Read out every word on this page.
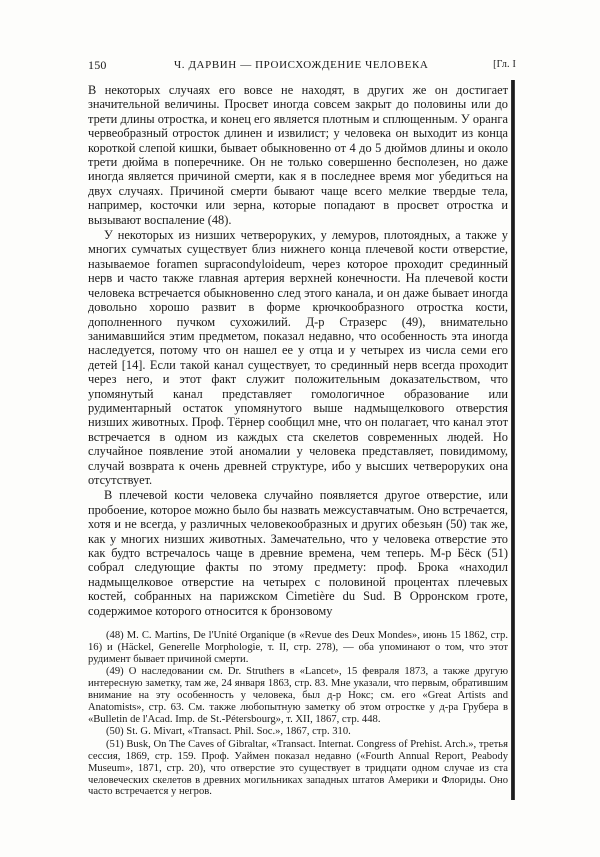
150	Ч. ДАРВИН — ПРОИСХОЖДЕНИЕ ЧЕЛОВЕКА	[Гл. I

В некоторых случаях его вовсе не находят, в других же он достигает значительной величины. Просвет иногда совсем закрыт до половины или до трети длины отростка, и конец его является плотным и сплющенным. У оранга червеобразный отросток длинен и извилист; у человека он выходит из конца короткой слепой кишки, бывает обыкновенно от 4 до 5 дюймов длины и около трети дюйма в поперечнике. Он не только совершенно бесполезен, но даже иногда является причиной смерти, как я в последнее время мог убедиться на двух случаях. Причиной смерти бывают чаще всего мелкие твердые тела, например, косточки или зерна, которые попадают в просвет отростка и вызывают воспаление (48).

У некоторых из низших четвероруких, у лемуров, плотоядных, а также у многих сумчатых существует близ нижнего конца плечевой кости отверстие, называемое foramen supracondyloideum, через которое проходит срединный нерв и часто также главная артерия верхней конечности. На плечевой кости человека встречается обыкновенно след этого канала, и он даже бывает иногда довольно хорошо развит в форме крючкообразного отростка кости, дополненного пучком сухожилий. Д-р Стразерс (49), внимательно занимавшийся этим предметом, показал недавно, что особенность эта иногда наследуется, потому что он нашел ее у отца и у четырех из числа семи его детей [14]. Если такой канал существует, то срединный нерв всегда проходит через него, и этот факт служит положительным доказательством, что упомянутый канал представляет гомологичное образование или рудиментарный остаток упомянутого выше надмыщелкового отверстия низших животных. Проф. Тёрнер сообщил мне, что он полагает, что канал этот встречается в одном из каждых ста скелетов современных людей. Но случайное появление этой аномалии у человека представляет, повидимому, случай возврата к очень древней структуре, ибо у высших четвероруких она отсутствует.

В плечевой кости человека случайно появляется другое отверстие, или пробоение, которое можно было бы назвать межсуставчатым. Оно встречается, хотя и не всегда, у различных человекообразных и других обезьян (50) так же, как у многих низших животных. Замечательно, что у человека отверстие это как будто встречалось чаще в древние времена, чем теперь. М-р Бёск (51) собрал следующие факты по этому предмету: проф. Брока «находил надмыщелковое отверстие на четырех с половиной процентах плечевых костей, собранных на парижском Cimetière du Sud. В Орронском гроте, содержимое которого относится к бронзовому

(48) M. C. Martins, De l'Unité Organique (в «Revue des Deux Mondes», июнь 15 1862, стр. 16) и (Häckel, Generelle Morphologie, т. II, стр. 278), — оба упоминают о том, что этот рудимент бывает причиной смерти.

(49) О наследовании см. Dr. Struthers в «Lancet», 15 февраля 1873, а также другую интересную заметку, там же, 24 января 1863, стр. 83. Мне указали, что первым, обратившим внимание на эту особенность у человека, был д-р Нокс; см. его «Great Artists and Anatomists», стр. 63. См. также любопытную заметку об этом отростке у д-ра Грубера в «Bulletin de l'Acad. Imp. de St.-Pétersbourg», т. XII, 1867, стр. 448.

(50) St. G. Mivart, «Transact. Phil. Soc.», 1867, стр. 310.

(51) Busk, On The Caves of Gibraltar, «Transact. Internat. Congress of Prehist. Arch.», третья сессия, 1869, стр. 159. Проф. Уаймен показал недавно («Fourth Annual Report, Peabody Museum», 1871, стр. 20), что отверстие это существует в тридцати одном случае из ста человеческих скелетов в древних могильниках западных штатов Америки и Флориды. Оно часто встречается у негров.
